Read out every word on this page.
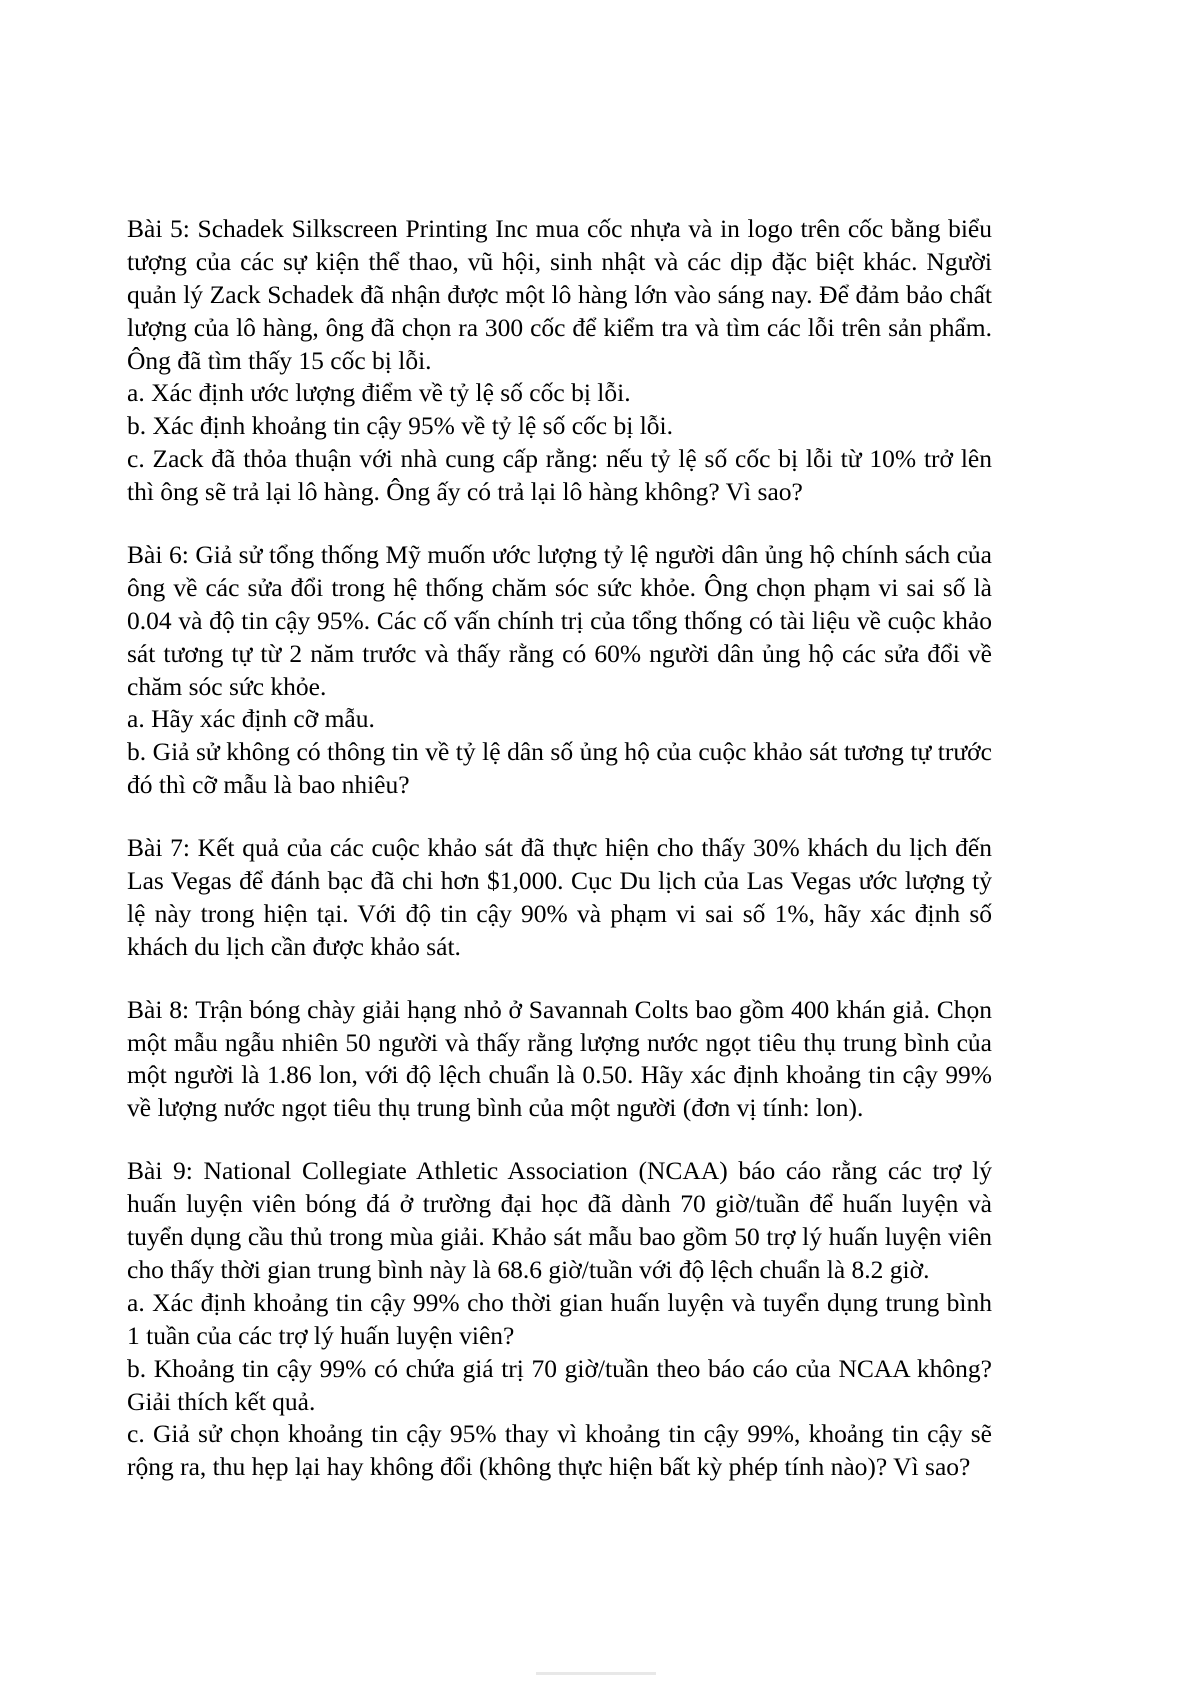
Bài 5: Schadek Silkscreen Printing Inc mua cốc nhựa và in logo trên cốc bằng biểu tượng của các sự kiện thể thao, vũ hội, sinh nhật và các dịp đặc biệt khác. Người quản lý Zack Schadek đã nhận được một lô hàng lớn vào sáng nay. Để đảm bảo chất lượng của lô hàng, ông đã chọn ra 300 cốc để kiểm tra và tìm các lỗi trên sản phẩm. Ông đã tìm thấy 15 cốc bị lỗi.

a. Xác định ước lượng điểm về tỷ lệ số cốc bị lỗi.

b. Xác định khoảng tin cậy 95% về tỷ lệ số cốc bị lỗi.

c. Zack đã thỏa thuận với nhà cung cấp rằng: nếu tỷ lệ số cốc bị lỗi từ 10% trở lên thì ông sẽ trả lại lô hàng. Ông ấy có trả lại lô hàng không? Vì sao?

Bài 6: Giả sử tổng thống Mỹ muốn ước lượng tỷ lệ người dân ủng hộ chính sách của ông về các sửa đổi trong hệ thống chăm sóc sức khỏe. Ông chọn phạm vi sai số là 0.04 và độ tin cậy 95%. Các cố vấn chính trị của tổng thống có tài liệu về cuộc khảo sát tương tự từ 2 năm trước và thấy rằng có 60% người dân ủng hộ các sửa đổi về chăm sóc sức khỏe.

a. Hãy xác định cỡ mẫu.

b. Giả sử không có thông tin về tỷ lệ dân số ủng hộ của cuộc khảo sát tương tự trước đó thì cỡ mẫu là bao nhiêu?

Bài 7: Kết quả của các cuộc khảo sát đã thực hiện cho thấy 30% khách du lịch đến Las Vegas để đánh bạc đã chi hơn $1,000. Cục Du lịch của Las Vegas ước lượng tỷ lệ này trong hiện tại. Với độ tin cậy 90% và phạm vi sai số 1%, hãy xác định số khách du lịch cần được khảo sát.

Bài 8: Trận bóng chày giải hạng nhỏ ở Savannah Colts bao gồm 400 khán giả. Chọn một mẫu ngẫu nhiên 50 người và thấy rằng lượng nước ngọt tiêu thụ trung bình của một người là 1.86 lon, với độ lệch chuẩn là 0.50. Hãy xác định khoảng tin cậy 99% về lượng nước ngọt tiêu thụ trung bình của một người (đơn vị tính: lon).

Bài 9: National Collegiate Athletic Association (NCAA) báo cáo rằng các trợ lý huấn luyện viên bóng đá ở trường đại học đã dành 70 giờ/tuần để huấn luyện và tuyển dụng cầu thủ trong mùa giải. Khảo sát mẫu bao gồm 50 trợ lý huấn luyện viên cho thấy thời gian trung bình này là 68.6 giờ/tuần với độ lệch chuẩn là 8.2 giờ.

a. Xác định khoảng tin cậy 99% cho thời gian huấn luyện và tuyển dụng trung bình 1 tuần của các trợ lý huấn luyện viên?

b. Khoảng tin cậy 99% có chứa giá trị 70 giờ/tuần theo báo cáo của NCAA không? Giải thích kết quả.

c. Giả sử chọn khoảng tin cậy 95% thay vì khoảng tin cậy 99%, khoảng tin cậy sẽ rộng ra, thu hẹp lại hay không đổi (không thực hiện bất kỳ phép tính nào)? Vì sao?
